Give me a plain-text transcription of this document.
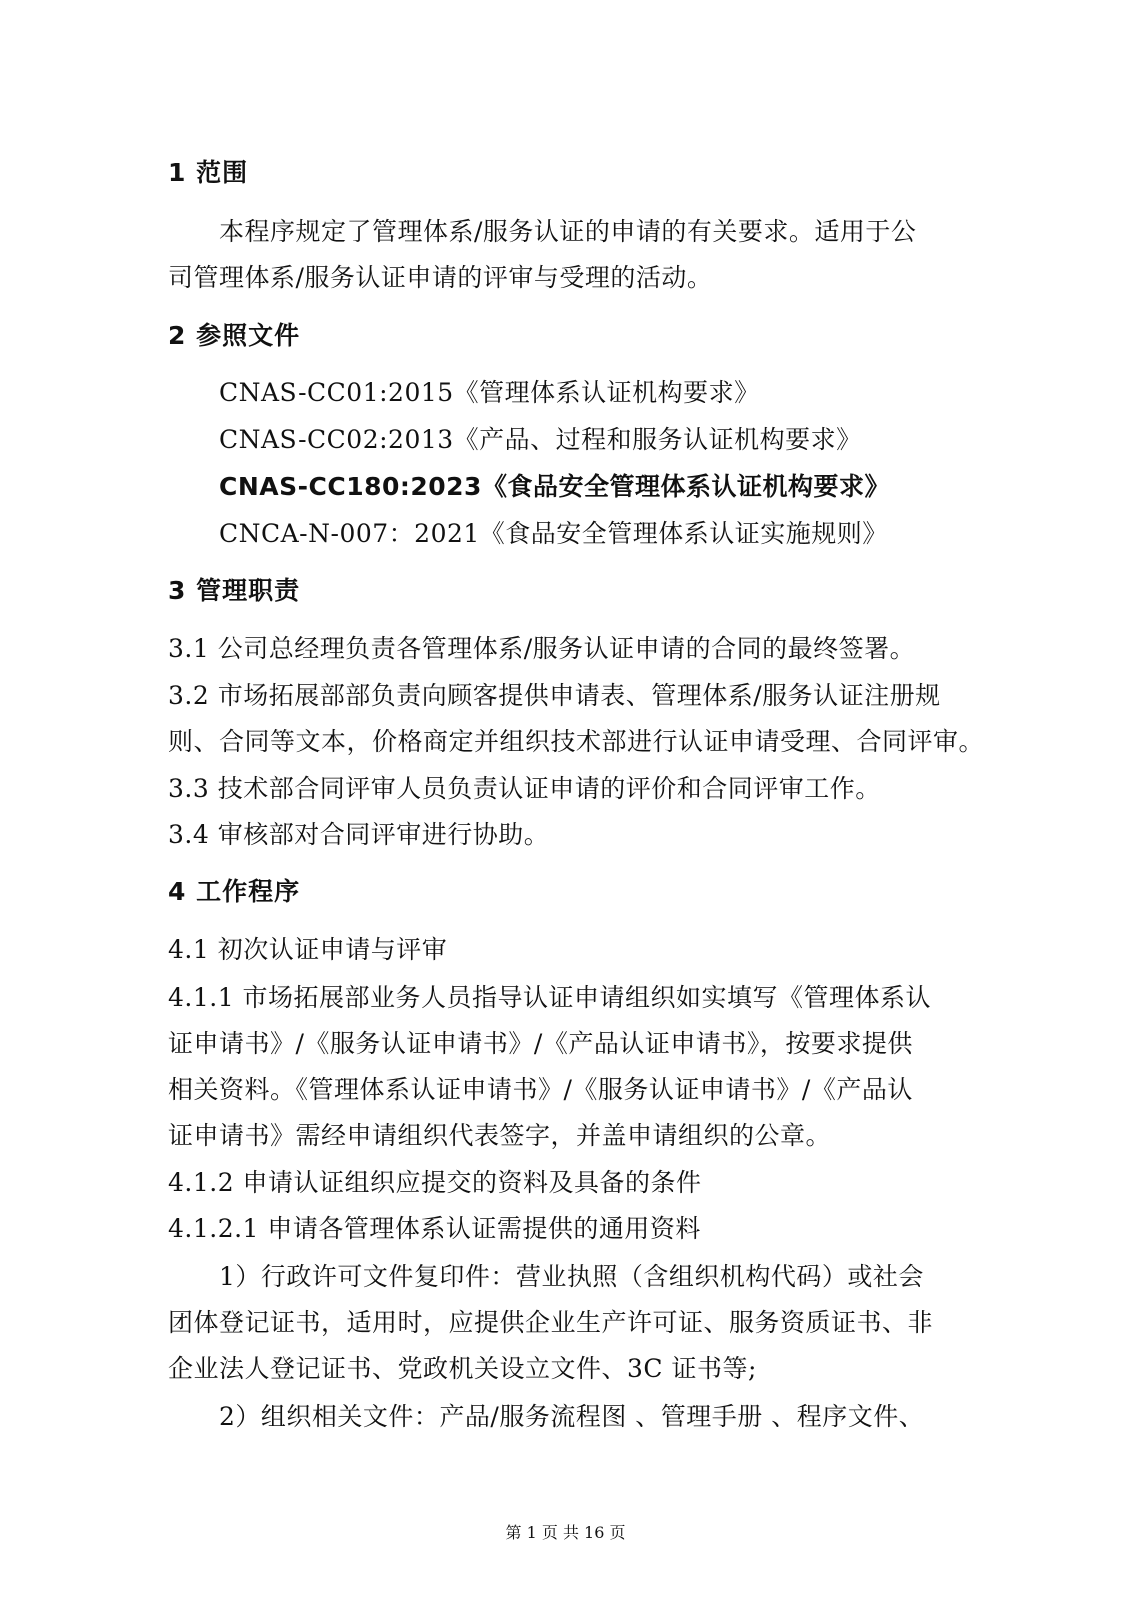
1 范围

本程序规定了管理体系/服务认证的申请的有关要求。适用于公

司管理体系/服务认证申请的评审与受理的活动。

2 参照文件

CNAS-CC01:2015《管理体系认证机构要求》

CNAS-CC02:2013《产品、过程和服务认证机构要求》

CNAS-CC180:2023《食品安全管理体系认证机构要求》

CNCA-N-007：2021《食品安全管理体系认证实施规则》

3 管理职责

3.1 公司总经理负责各管理体系/服务认证申请的合同的最终签署。

3.2 市场拓展部部负责向顾客提供申请表、管理体系/服务认证注册规

则、合同等文本，价格商定并组织技术部进行认证申请受理、合同评审。

3.3 技术部合同评审人员负责认证申请的评价和合同评审工作。

3.4 审核部对合同评审进行协助。

4 工作程序

4.1 初次认证申请与评审

4.1.1 市场拓展部业务人员指导认证申请组织如实填写《管理体系认

证申请书》/《服务认证申请书》/《产品认证申请书》，按要求提供

相关资料。《管理体系认证申请书》/《服务认证申请书》/《产品认

证申请书》需经申请组织代表签字，并盖申请组织的公章。

4.1.2 申请认证组织应提交的资料及具备的条件

4.1.2.1 申请各管理体系认证需提供的通用资料

1）行政许可文件复印件：营业执照（含组织机构代码）或社会

团体登记证书，适用时，应提供企业生产许可证、服务资质证书、非

企业法人登记证书、党政机关设立文件、3C 证书等;

2）组织相关文件：产品/服务流程图 、管理手册 、程序文件、

第 1 页 共 16 页
